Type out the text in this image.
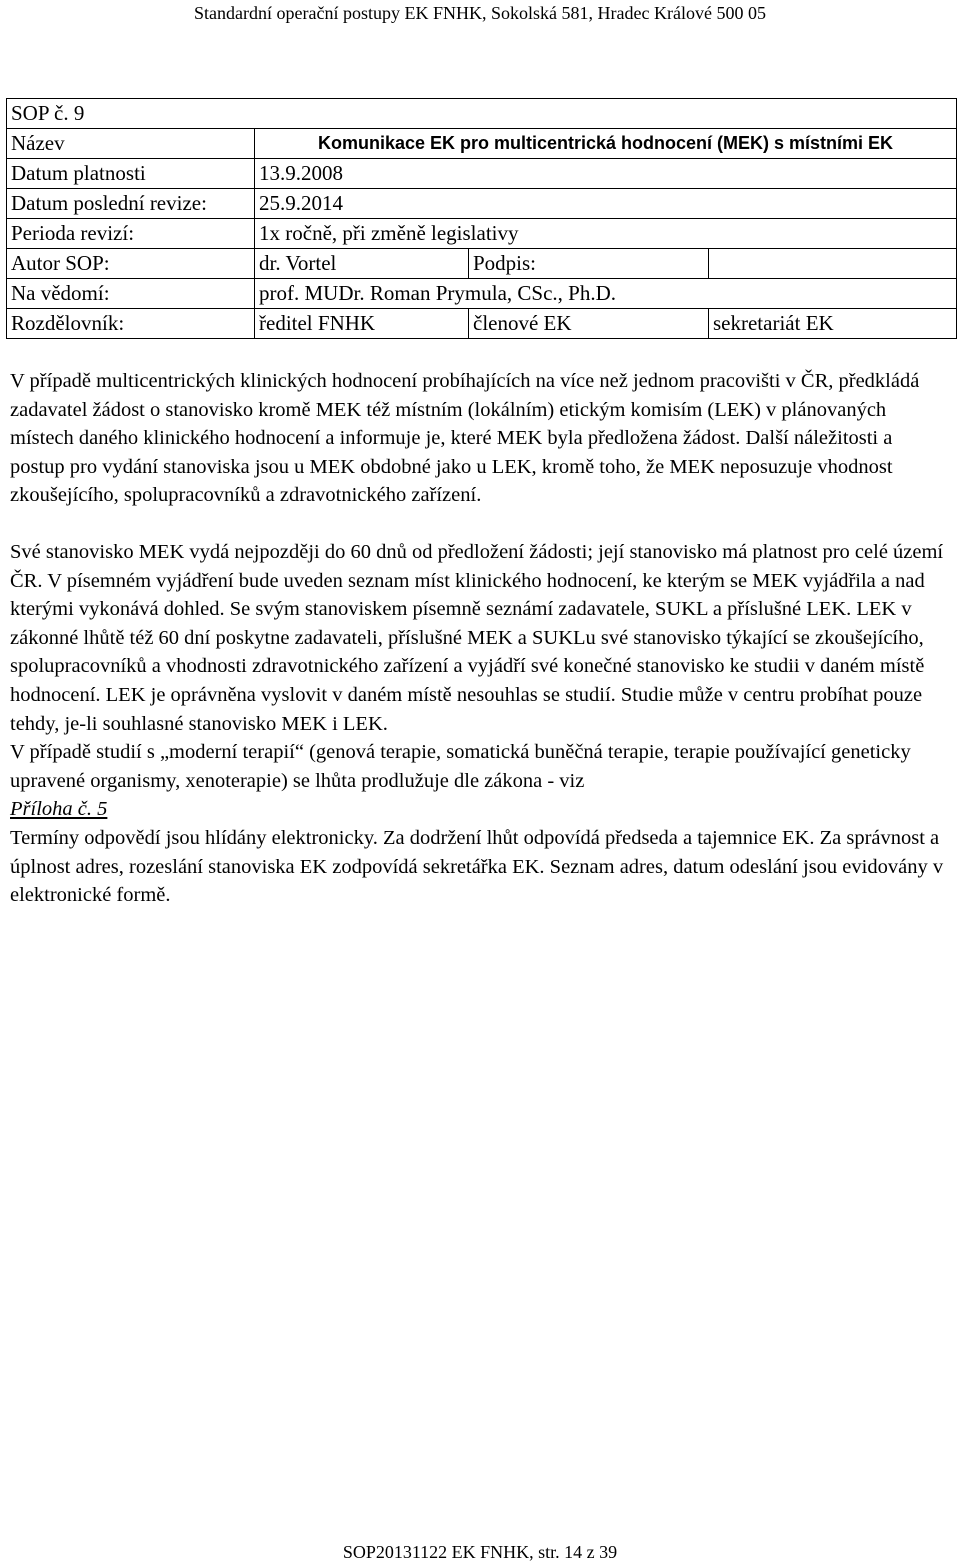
Standardní operační postupy EK FNHK, Sokolská 581, Hradec Králové 500 05
SOP č. 9			
Název	Komunikace EK pro multicentrická hodnocení (MEK) s místními EK		
Datum platnosti	13.9.2008		
Datum poslední revize:	25.9.2014		
Perioda revizí:	1x ročně, při změně legislativy		
Autor SOP:	dr. Vortel	Podpis:	
Na vědomí:	prof. MUDr. Roman Prymula, CSc., Ph.D.		
Rozdělovník:	ředitel FNHK	členové EK	sekretariát EK

V případě multicentrických klinických hodnocení probíhajících na více než jednom pracovišti v ČR, předkládá zadavatel žádost o stanovisko kromě MEK též místním (lokálním) etickým komisím (LEK) v plánovaných místech daného klinického hodnocení a informuje je, které MEK byla předložena žádost. Další náležitosti a postup pro vydání stanoviska jsou u MEK obdobné jako u LEK, kromě toho, že MEK neposuzuje vhodnost zkoušejícího, spolupracovníků a zdravotnického zařízení.

Své stanovisko MEK vydá nejpozději do 60 dnů od předložení žádosti; její stanovisko má platnost pro celé území ČR. V písemném vyjádření bude uveden seznam míst klinického hodnocení, ke kterým se MEK vyjádřila a nad kterými vykonává dohled. Se svým stanoviskem písemně seznámí zadavatele, SUKL a příslušné LEK. LEK v zákonné lhůtě též 60 dní poskytne zadavateli, příslušné MEK a SUKLu své stanovisko týkající se zkoušejícího, spolupracovníků a vhodnosti zdravotnického zařízení a vyjádří své konečné stanovisko ke studii v daném místě hodnocení. LEK je oprávněna vyslovit v daném místě nesouhlas se studií. Studie může v centru probíhat pouze tehdy, je-li souhlasné stanovisko MEK i LEK.

V případě studií s „moderní terapií“ (genová terapie, somatická buněčná terapie, terapie používající geneticky upravené organismy, xenoterapie) se lhůta prodlužuje dle zákona - viz
Příloha č. 5

Termíny odpovědí jsou hlídány elektronicky. Za dodržení lhůt odpovídá předseda a tajemnice EK. Za správnost a úplnost adres, rozeslání stanoviska EK zodpovídá sekretářka EK. Seznam adres, datum odeslání jsou evidovány v elektronické formě.

SOP20131122 EK FNHK, str. 14 z 39
